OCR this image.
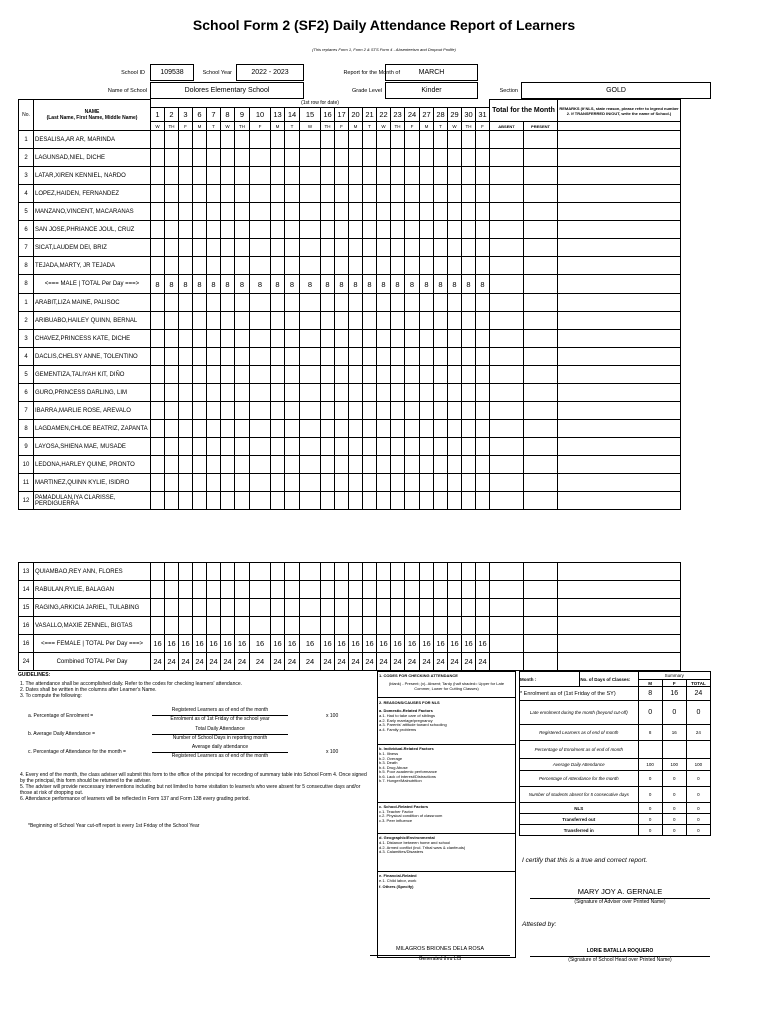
School Form 2 (SF2) Daily Attendance Report of Learners
(This replaces Form 1, Form 2 & STS Form 4 - Absenteeism and Dropout Profile)
School ID	109538	School Year	2022 - 2023	Report for the Month of	MARCH
Name of School	Dolores Elementary School	Grade Level	Kinder	Section	GOLD
No.	NAME
(Last Name, First Name, Middle Name)	(1st row for date)																							Total for the Month		REMARKS (If NLS, state reason, please refer to legend number 2. If TRANSFERRED IN/OUT, write the name of School.)
		1	2	3	6	7	8	9	10	13	14	15	16	17	20	21	22	23	24	27	28	29	30	31			
		W	TH	F	M	T	W	TH	F	M	T	W	TH	F	M	T	W	TH	F	M	T	W	TH	F	ABSENT	PRESENT	
1	DESALISA,AR AR, MARINDA																										
2	LAGUNSAD,NIEL, DICHE																										
3	LATAR,XIREN KENNIEL, NARDO																										
4	LOPEZ,HAIDEN, FERNANDEZ																										
5	MANZANO,VINCENT, MACARANAS																										
6	SAN JOSE,PHRIANCE JOUL, CRUZ																										
7	SICAT,LAUDEM DEI, BRIZ																										
8	TEJADA,MARTY, JR TEJADA																										
8	<=== MALE | TOTAL Per Day ===>	8	8	8	8	8	8	8	8	8	8	8	8	8	8	8	8	8	8	8	8	8	8	8			
1	ARABIT,LIZA MAINE, PALISOC																										
2	ARIBUABO,HAILEY QUINN, BERNAL																										
3	CHAVEZ,PRINCESS KATE, DICHE																										
4	DACLIS,CHELSY ANNE, TOLENTINO																										
5	GEMENTIZA,TALIYAH KIT, DIÑO																										
6	GURO,PRINCESS DARLING, LIM																										
7	IBARRA,MARLIE ROSE, AREVALO																										
8	LAGDAMEN,CHLOE BEATRIZ, ZAPANTA																										
9	LAYOSA,SHIENA MAE, MUSADE																										
10	LEDONA,HARLEY QUINE, PRONTO																										
11	MARTINEZ,QUINN KYLIE, ISIDRO																										
12	PAMADULAN,IYA CLARISSE, PERDIGUERRA																										
13	QUIAMBAO,REY ANN, FLORES																										
14	RABULAN,RYLIE, BALAGAN																										
15	RAGING,ARKICIA JARIEL, TULABING																										
16	VASALLO,MAXIE ZENNEL, BIGTAS																										
16	<=== FEMALE | TOTAL Per Day ===>	16	16	16	16	16	16	16	16	16	16	16	16	16	16	16	16	16	16	16	16	16	16	16			
24	Combined TOTAL Per Day	24	24	24	24	24	24	24	24	24	24	24	24	24	24	24	24	24	24	24	24	24	24	24			
GUIDELINES:
1. The attendance shall be accomplished daily. Refer to the codes for checking learners' attendance.
2. Dates shall be written in the columns after Learner's Name.
3. To compute the following:
a. Percentage of Enrolment =
Registered Learners as of end of the month
Enrolment as of 1st Friday of the school year	x 100
b. Average Daily Attendance =
Total Daily Attendance
Number of School Days in reporting month
c. Percentage of Attendance for the month =
Average daily attendance
Registered Learners as of end of the month
x 100
4. Every end of the month, the class adviser will submit this form to the office of the principal for recording of summary table into School Form 4. Once signed by the principal, this form should be returned to the adviser.
5. The adviser will provide neccessary interventions including but not limited to home visitation to learner/s who were absent for 5 consecutive days and/or those at risk of dropping out.
6. Attendance performance of learners will be reflected in Form 137 and Form 138 every grading period.
*Beginning of School Year cut-off report is every 1st Friday of the School Year
1. CODES FOR CHECKING ATTENDANCE
(blank) - Present; (x)- Absent; Tardy (half shaded= Upper for Late Commer, Lower for Cutting Classes)
2. REASONS/CAUSES FOR NLS
a. Domestic-Related Factors
a.1. Had to take care of siblings
a.2. Early marriage/pregnancy
a.3. Parents' attitude toward schooling
a.4. Family problems
b. Individual-Related Factors
b.1. Illness
b.2. Overage
b.3. Death
b.4. Drug Abuse
b.5. Poor academic performance
b.6. Lack of interest/Distractions
b.7. Hunger/Malnutrition
c. School-Related Factors
c.1. Teacher Factor
c.2. Physical condition of classroom
c.3. Peer influence
d. Geographic/Environmental
d.1. Distance between home and school
d.2. Armed conflict (incl. Tribal wars & clanfeuds)
d.3. Calamities/Disasters
e. Financial-Related
e.1. Child labor, work
f. Others (Specify)
Month :	No. of Days of Classes:	Summary		
		M	F	TOTAL
* Enrolment as of (1st Friday of the SY)		8	16	24
Late enrolment during the month (beyond cut-off)		0	0	0
Registered Learners as of end of month		8	16	24
Percentage of Enrolment as of end of month				
Average Daily Attendance		100	100	100
Percentage of Attendance for the month		0	0	0
Number of students absent for 5 consecutive days		0	0	0
NLS		0	0	0
Transferred out		0	0	0
Transferred in		0	0	0
I certify that this is a true and correct report.
MARY JOY A. GERNALE
(Signature of Adviser over Printed Name)
Attested by:
MILAGROS BRIONES DELA ROSA
Generated thru LIS
LORIE BATALLA ROQUERO
(Signature of School Head over Printed Name)
